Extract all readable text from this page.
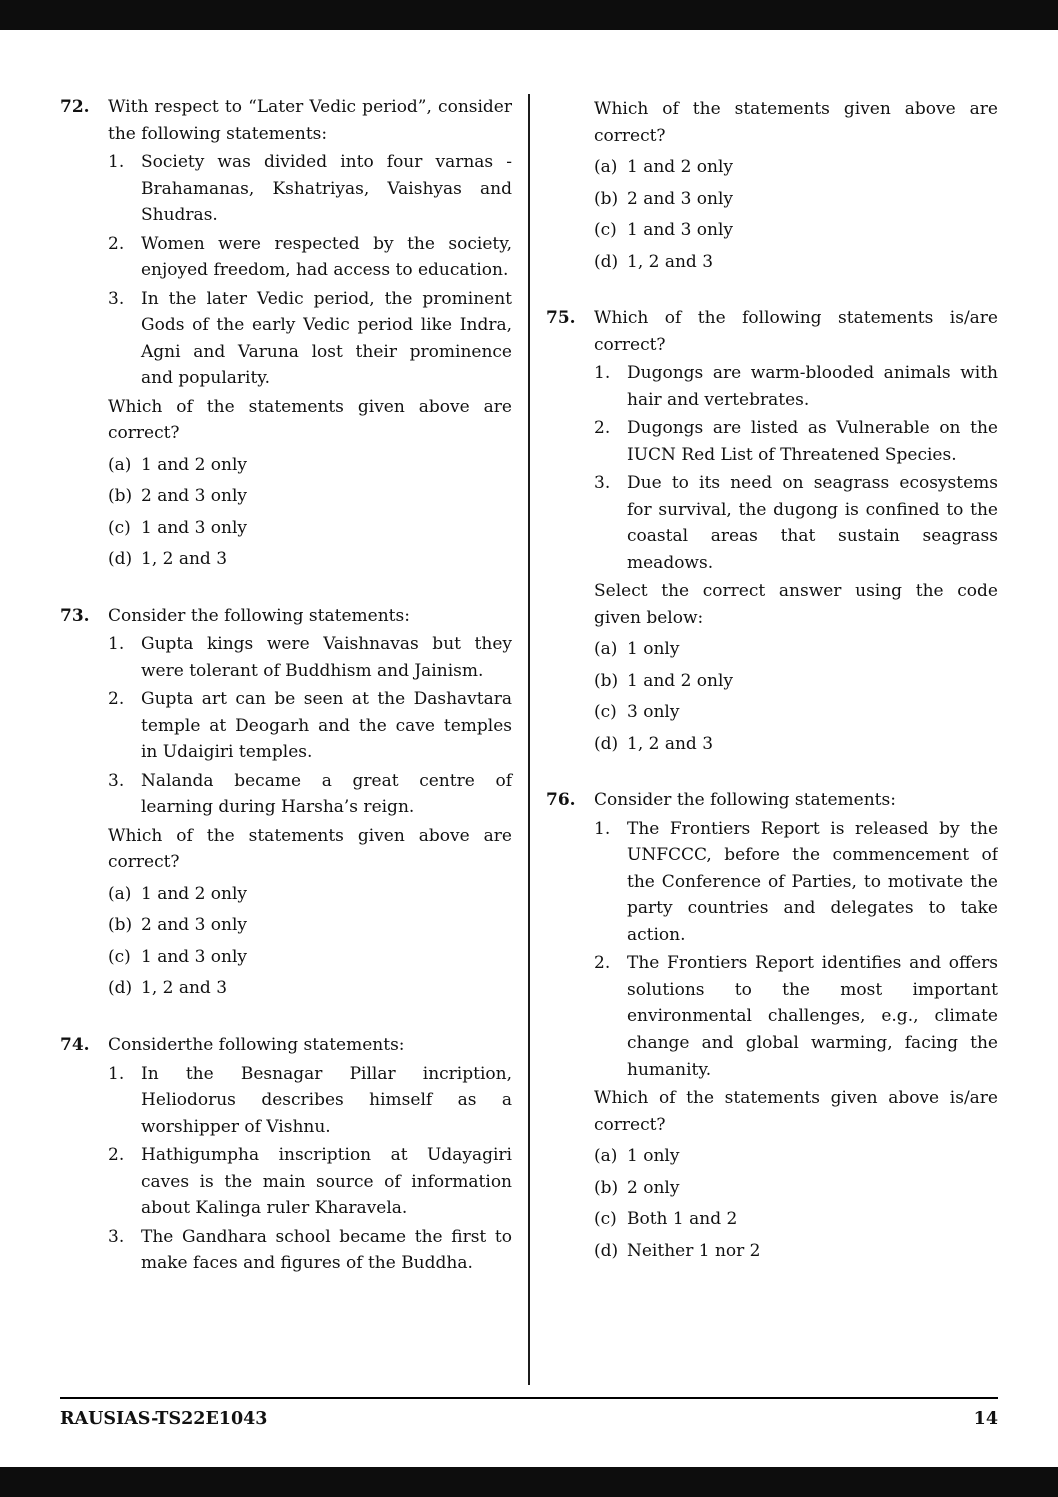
72. With respect to “Later Vedic period”, consider the following statements:

1. Society was divided into four varnas - Brahamanas, Kshatriyas, Vaishyas and Shudras.
2. Women were respected by the society, enjoyed freedom, had access to education.
3. In the later Vedic period, the prominent Gods of the early Vedic period like Indra, Agni and Varuna lost their prominence and popularity.

Which of the statements given above are correct?

(a) 1 and 2 only
(b) 2 and 3 only
(c) 1 and 3 only
(d) 1, 2 and 3
73. Consider the following statements:

1. Gupta kings were Vaishnavas but they were tolerant of Buddhism and Jainism.
2. Gupta art can be seen at the Dashavtara temple at Deogarh and the cave temples in Udaigiri temples.
3. Nalanda became a great centre of learning during Harsha’s reign.

Which of the statements given above are correct?

(a) 1 and 2 only
(b) 2 and 3 only
(c) 1 and 3 only
(d) 1, 2 and 3
74. Considerthe following statements:

1. In the Besnagar Pillar incription, Heliodorus describes himself as a worshipper of Vishnu.
2. Hathigumpha inscription at Udayagiri caves is the main source of information about Kalinga ruler Kharavela.
3. The Gandhara school became the first to make faces and figures of the Buddha.

Which of the statements given above are correct?

(a) 1 and 2 only
(b) 2 and 3 only
(c) 1 and 3 only
(d) 1, 2 and 3
75. Which of the following statements is/are correct?

1. Dugongs are warm-blooded animals with hair and vertebrates.
2. Dugongs are listed as Vulnerable on the IUCN Red List of Threatened Species.
3. Due to its need on seagrass ecosystems for survival, the dugong is confined to the coastal areas that sustain seagrass meadows.

Select the correct answer using the code given below:

(a) 1 only
(b) 1 and 2 only
(c) 3 only
(d) 1, 2 and 3
76. Consider the following statements:

1. The Frontiers Report is released by the UNFCCC, before the commencement of the Conference of Parties, to motivate the party countries and delegates to take action.
2. The Frontiers Report identifies and offers solutions to the most important environmental challenges, e.g., climate change and global warming, facing the humanity.

Which of the statements given above is/are correct?

(a) 1 only
(b) 2 only
(c) Both 1 and 2
(d) Neither 1 nor 2
RAUSIAS-TS22E1043	14
